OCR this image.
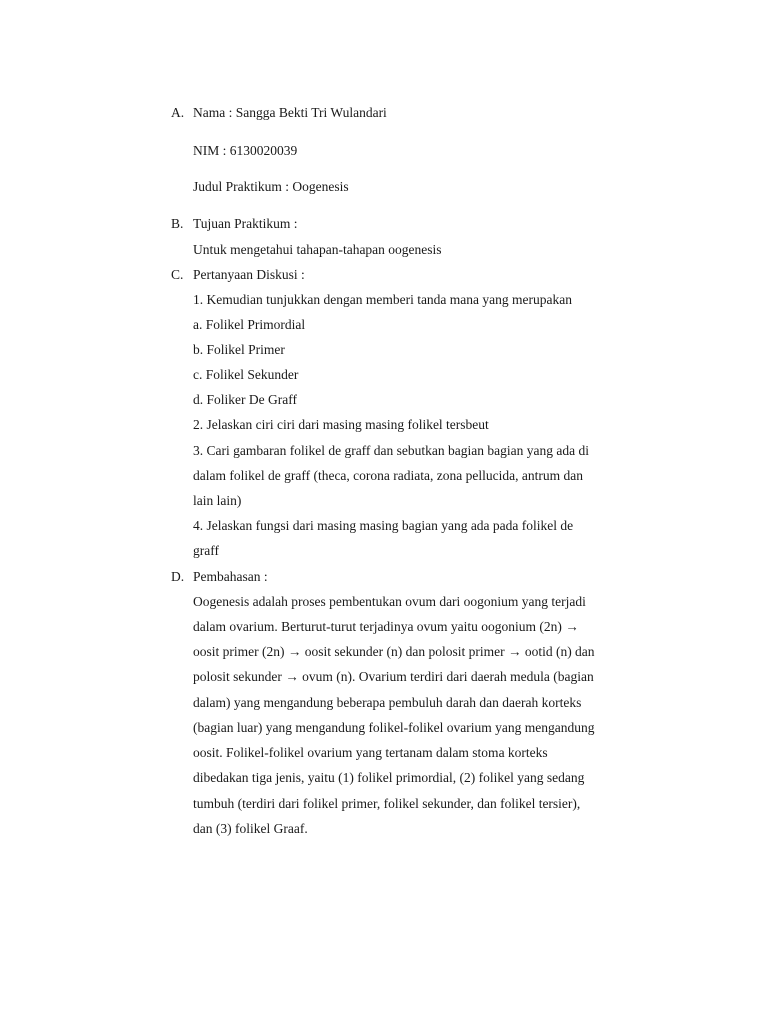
A. Nama : Sangga Bekti Tri Wulandari
NIM : 6130020039
Judul Praktikum : Oogenesis
B. Tujuan Praktikum :
Untuk mengetahui tahapan-tahapan oogenesis
C. Pertanyaan Diskusi :
1. Kemudian tunjukkan dengan memberi tanda mana yang merupakan
a. Folikel Primordial
b. Folikel Primer
c. Folikel Sekunder
d. Foliker De Graff
2. Jelaskan ciri ciri dari masing masing folikel tersbeut
3. Cari gambaran folikel de graff dan sebutkan bagian bagian yang ada di
dalam folikel de graff (theca, corona radiata, zona pellucida, antrum dan
lain lain)
4. Jelaskan fungsi dari masing masing bagian yang ada pada folikel de
graff
D. Pembahasan :
Oogenesis adalah proses pembentukan ovum dari oogonium yang terjadi
dalam ovarium. Berturut-turut terjadinya ovum yaitu oogonium (2n) →
oosit primer (2n) → oosit sekunder (n) dan polosit primer → ootid (n) dan
polosit sekunder → ovum (n). Ovarium terdiri dari daerah medula (bagian
dalam) yang mengandung beberapa pembuluh darah dan daerah korteks
(bagian luar) yang mengandung folikel-folikel ovarium yang mengandung
oosit. Folikel-folikel ovarium yang tertanam dalam stoma korteks
dibedakan tiga jenis, yaitu (1) folikel primordial, (2) folikel yang sedang
tumbuh (terdiri dari folikel primer, folikel sekunder, dan folikel tersier),
dan (3) folikel Graaf.
